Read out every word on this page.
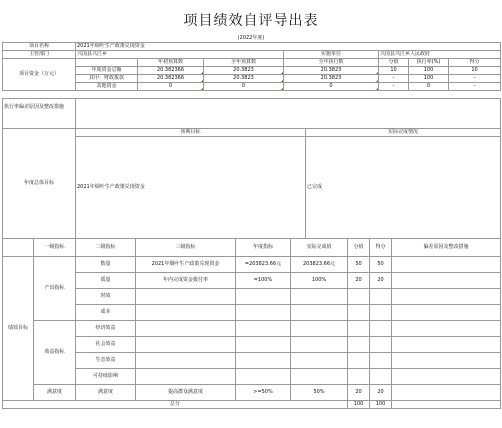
项目绩效自评导出表
(2022年度)
项目名称	2021年烟叶生产政策兑现资金						
主管部门	兴国县兴江乡			实施单位	兴国县兴江乡人民政府		
项目资金（万元）		年初预算数	全年预算数	全年执行数	分值	执行率(%)	得分
	年度资金总额	20.382366	20.3823	20.3823	10	100	10
	其中：财政拨款	20.382366	20.3823	20.3823	-	100	-
	其他资金	0	0	0	-	0	-
执行率偏差原因及整改措施		
年度总体目标	预期目标	实际完成情况
	2021年烟叶生产政策兑现资金	已完成
	一级指标	二级指标	三级指标	年度指标	实际完成值	分值	得分	偏差原因及整改措施
绩效目标	产出指标	数量	2021年烟叶生产政策兑现资金	=203823.66元	203823.66元	50	50	
		质量	年内完成资金拨付率	=100%	100%	20	20	
		时效						
		成本						
	效益指标	经济效益						
		社会效益						
		生态效益						
		可持续影响						
	满意度	满意度	提高群众满意度	>=50%	50%	20	20	
总分						100	100	
